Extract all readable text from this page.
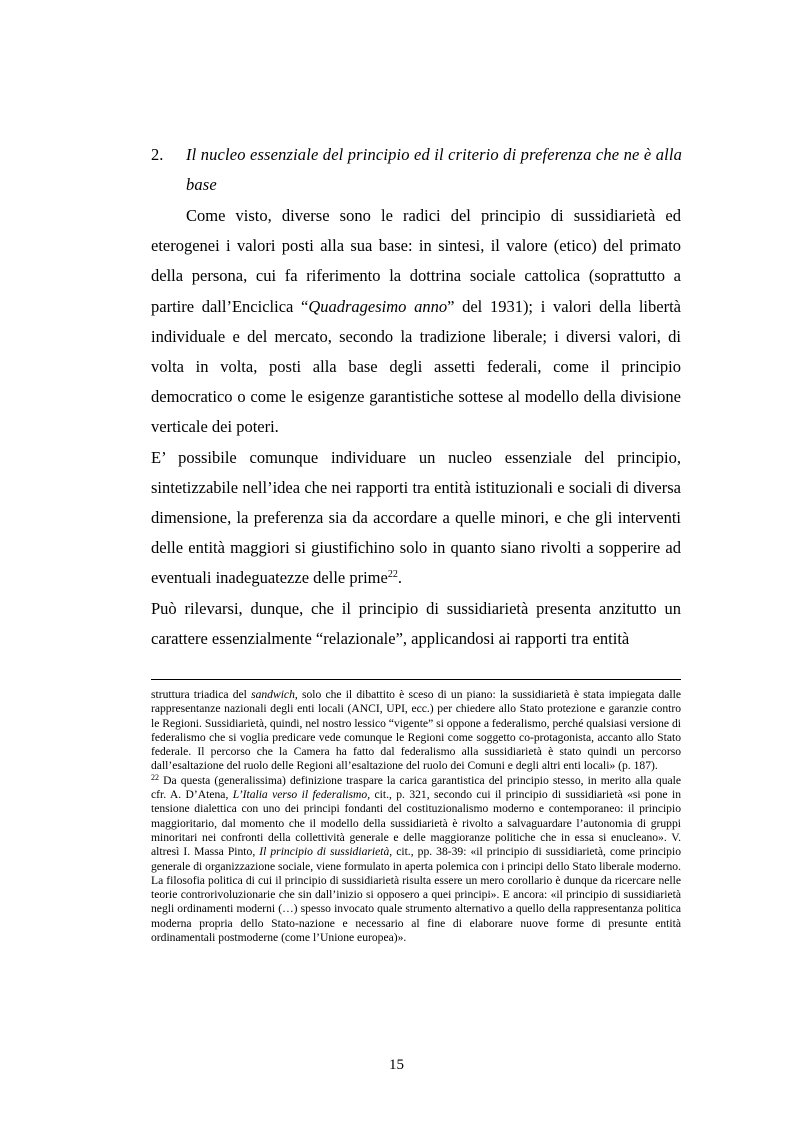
2.	Il nucleo essenziale del principio ed il criterio di preferenza che ne è alla base

Come visto, diverse sono le radici del principio di sussidiarietà ed eterogenei i valori posti alla sua base: in sintesi, il valore (etico) del primato della persona, cui fa riferimento la dottrina sociale cattolica (soprattutto a partire dall’Enciclica “Quadragesimo anno” del 1931); i valori della libertà individuale e del mercato, secondo la tradizione liberale; i diversi valori, di volta in volta, posti alla base degli assetti federali, come il principio democratico o come le esigenze garantistiche sottese al modello della divisione verticale dei poteri.

E’ possibile comunque individuare un nucleo essenziale del principio, sintetizzabile nell’idea che nei rapporti tra entità istituzionali e sociali di diversa dimensione, la preferenza sia da accordare a quelle minori, e che gli interventi delle entità maggiori si giustifichino solo in quanto siano rivolti a sopperire ad eventuali inadeguatezze delle prime$^{22}$.

Può rilevarsi, dunque, che il principio di sussidiarietà presenta anzitutto un carattere essenzialmente “relazionale”, applicandosi ai rapporti tra entità

struttura triadica del sandwich, solo che il dibattito è sceso di un piano: la sussidiarietà è stata impiegata dalle rappresentanze nazionali degli enti locali (ANCI, UPI, ecc.) per chiedere allo Stato protezione e garanzie contro le Regioni. Sussidiarietà, quindi, nel nostro lessico “vigente” si oppone a federalismo, perché qualsiasi versione di federalismo che si voglia predicare vede comunque le Regioni come soggetto co-protagonista, accanto allo Stato federale. Il percorso che la Camera ha fatto dal federalismo alla sussidiarietà è stato quindi un percorso dall’esaltazione del ruolo delle Regioni all’esaltazione del ruolo dei Comuni e degli altri enti locali» (p. 187).

$^{22}$ Da questa (generalissima) definizione traspare la carica garantistica del principio stesso, in merito alla quale cfr. A. D’Atena, L’Italia verso il federalismo, cit., p. 321, secondo cui il principio di sussidiarietà «si pone in tensione dialettica con uno dei principi fondanti del costituzionalismo moderno e contemporaneo: il principio maggioritario, dal momento che il modello della sussidiarietà è rivolto a salvaguardare l’autonomia di gruppi minoritari nei confronti della collettività generale e delle maggioranze politiche che in essa si enucleano». V. altresì I. Massa Pinto, Il principio di sussidiarietà, cit., pp. 38-39: «il principio di sussidiarietà, come principio generale di organizzazione sociale, viene formulato in aperta polemica con i principi dello Stato liberale moderno. La filosofia politica di cui il principio di sussidiarietà risulta essere un mero corollario è dunque da ricercare nelle teorie controrivoluzionarie che sin dall’inizio si opposero a quei principi». E ancora: «il principio di sussidiarietà negli ordinamenti moderni (…) spesso invocato quale strumento alternativo a quello della rappresentanza politica moderna propria dello Stato-nazione e necessario al fine di elaborare nuove forme di presunte entità ordinamentali postmoderne (come l’Unione europea)».

15
